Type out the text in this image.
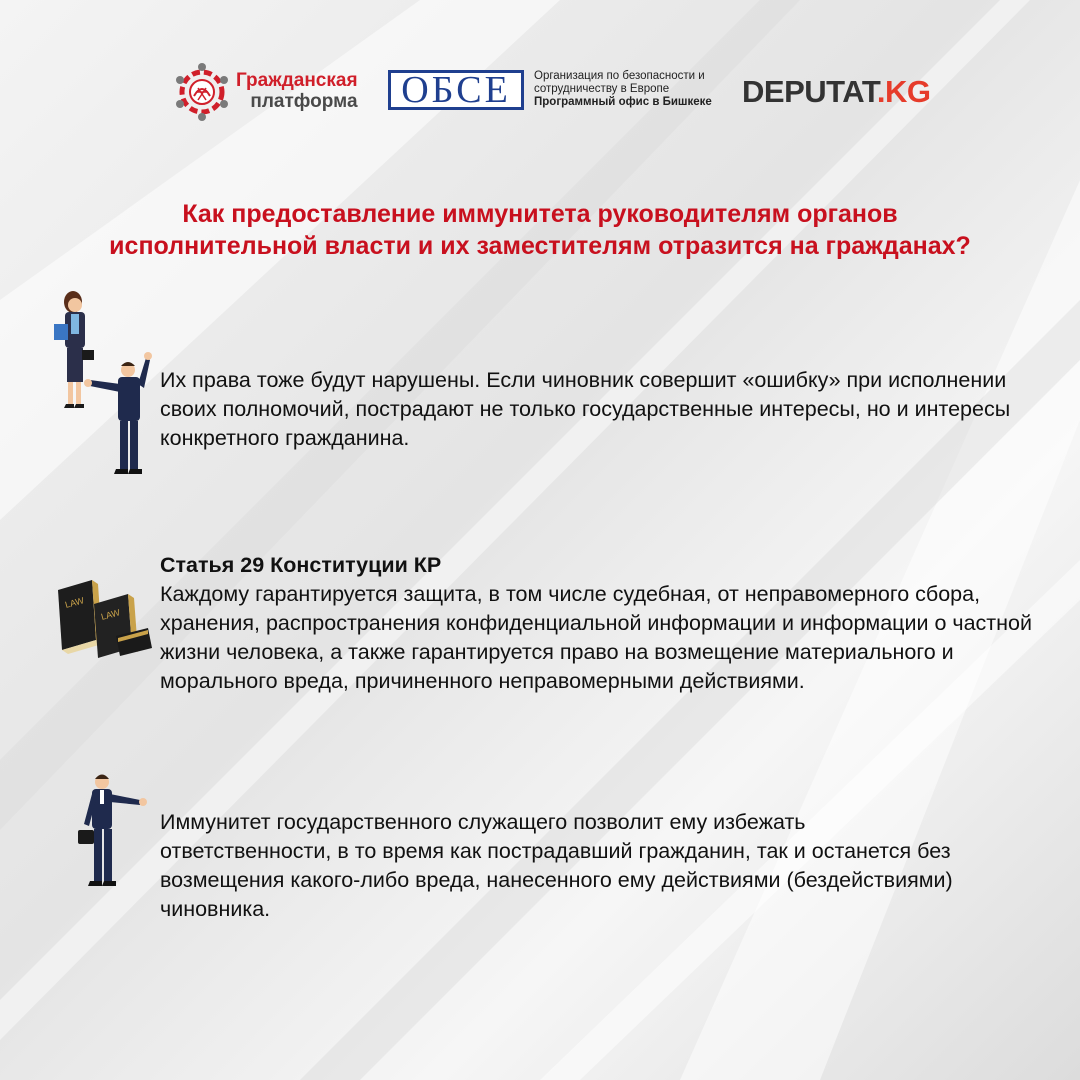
Гражданская
платформа ОБСЕ	Организация по безопасности и
сотрудничеству в Европе
Программный офис в Бишкеке DEPUTAT.KG
Как предоставление иммунитета руководителям органов
исполнительной власти и их заместителям отразится на гражданах?
Их права тоже будут нарушены. Если чиновник совершит «ошибку» при исполнении своих полномочий, пострадают не только государственные интересы, но и интересы конкретного гражданина.
LAW
LAW
Статья 29 Конституции КР
Каждому гарантируется защита, в том числе судебная, от неправомерного сбора, хранения, распространения конфиденциальной информации и информации о частной жизни человека, а также гарантируется право на возмещение материального и морального вреда, причиненного неправомерными действиями.
Иммунитет государственного служащего позволит ему избежать ответственности, в то время как пострадавший гражданин, так и останется без возмещения какого-либо вреда, нанесенного ему действиями (бездействиями) чиновника.
